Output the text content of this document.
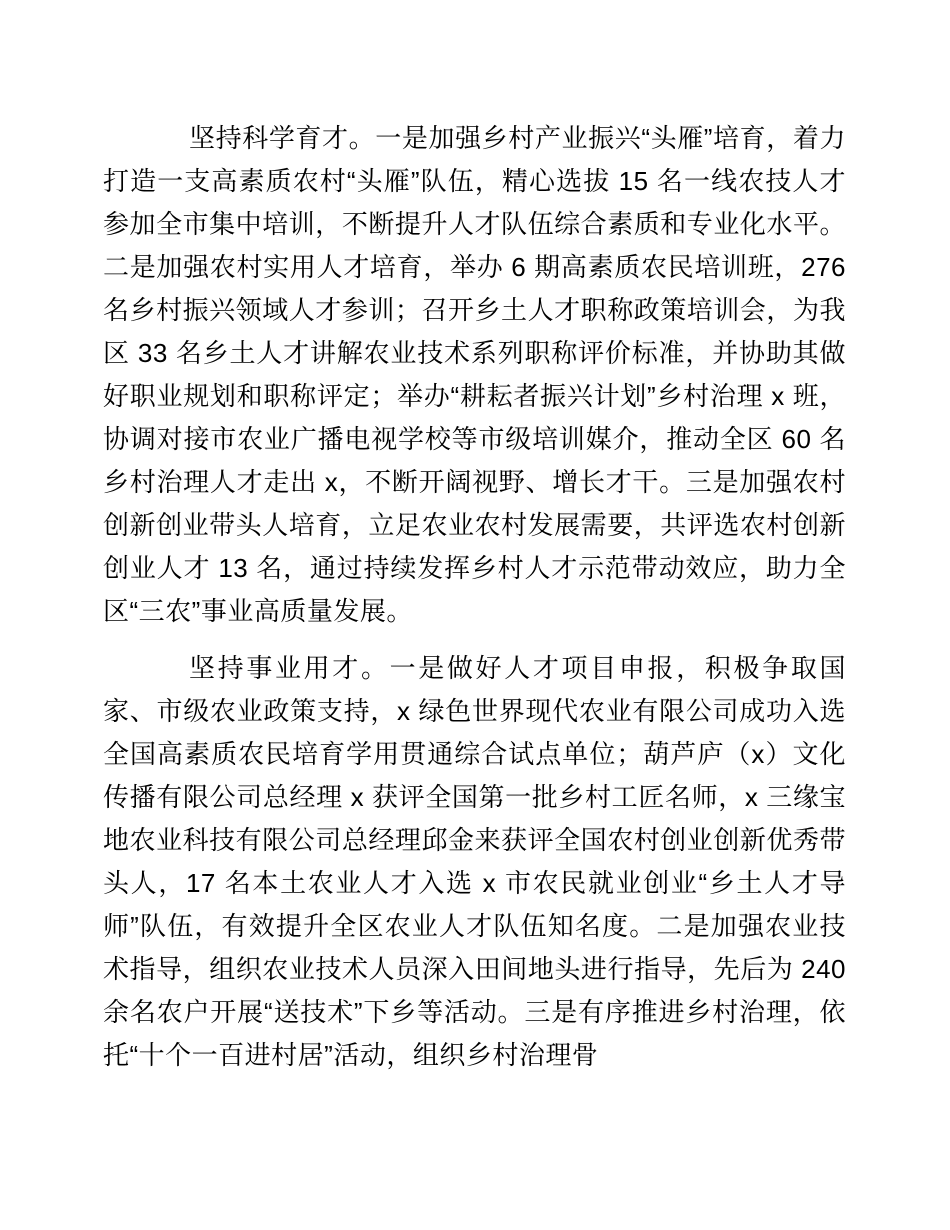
坚持科学育才。一是加强乡村产业振兴“头雁”培育，着力打造一支高素质农村“头雁”队伍，精心选拔 15 名一线农技人才参加全市集中培训，不断提升人才队伍综合素质和专业化水平。二是加强农村实用人才培育，举办 6 期高素质农民培训班，276 名乡村振兴领域人才参训；召开乡土人才职称政策培训会，为我区 33 名乡土人才讲解农业技术系列职称评价标准，并协助其做好职业规划和职称评定；举办“耕耘者振兴计划”乡村治理 x 班，协调对接市农业广播电视学校等市级培训媒介，推动全区 60 名乡村治理人才走出 x，不断开阔视野、增长才干。三是加强农村创新创业带头人培育，立足农业农村发展需要，共评选农村创新创业人才 13 名，通过持续发挥乡村人才示范带动效应，助力全区“三农”事业高质量发展。

坚持事业用才。一是做好人才项目申报，积极争取国家、市级农业政策支持，x 绿色世界现代农业有限公司成功入选全国高素质农民培育学用贯通综合试点单位；葫芦庐（x）文化传播有限公司总经理 x 获评全国第一批乡村工匠名师，x 三缘宝地农业科技有限公司总经理邱金来获评全国农村创业创新优秀带头人，17 名本土农业人才入选 x 市农民就业创业“乡土人才导师”队伍，有效提升全区农业人才队伍知名度。二是加强农业技术指导，组织农业技术人员深入田间地头进行指导，先后为 240 余名农户开展“送技术”下乡等活动。三是有序推进乡村治理，依托“十个一百进村居”活动，组织乡村治理骨
